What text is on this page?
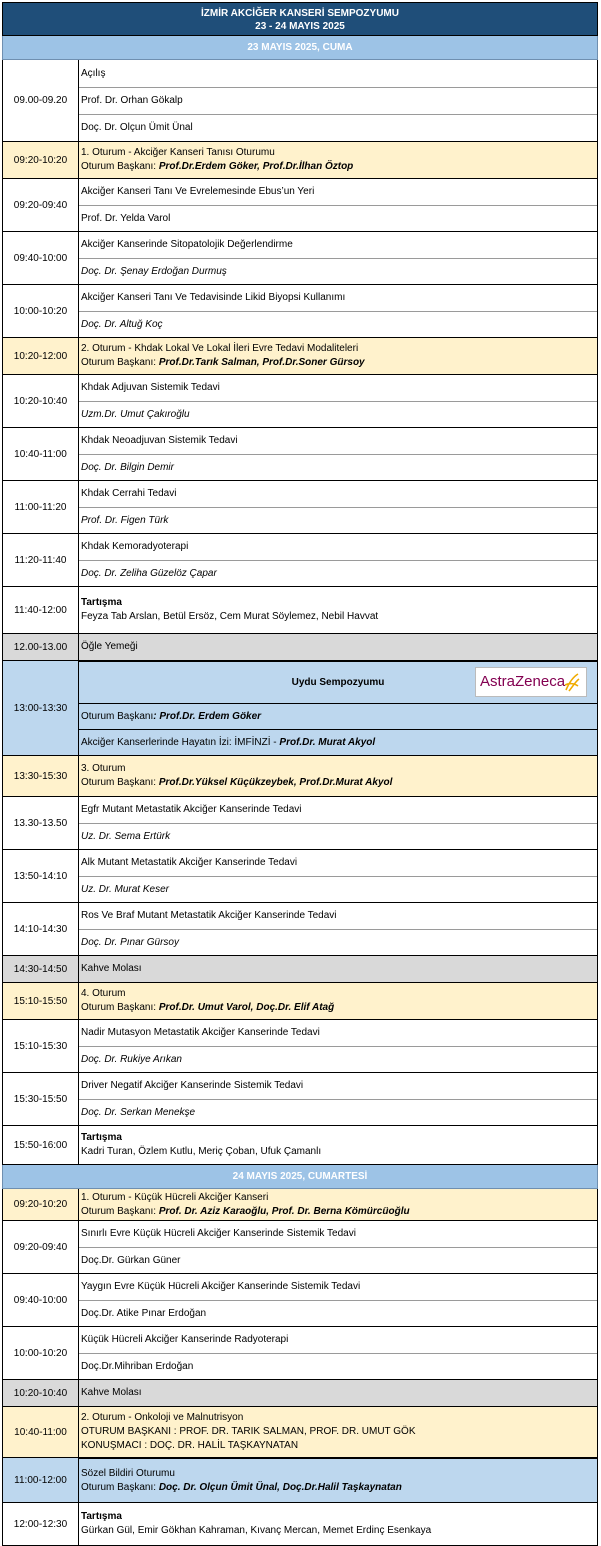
İZMİR AKCİĞER KANSERİ SEMPOZYUMU
23 - 24 MAYIS 2025
23 MAYIS 2025, CUMA
09.00-09.20
Açılış
Prof. Dr. Orhan Gökalp
Doç. Dr. Olçun Ümit Ünal
09:20-10:20
1. Oturum - Akciğer Kanseri Tanısı Oturumu
Oturum Başkanı: Prof.Dr.Erdem Göker, Prof.Dr.İlhan Öztop
09:20-09:40
Akciğer Kanseri Tanı Ve Evrelemesinde Ebus’un Yeri
Prof. Dr. Yelda Varol
09:40-10:00
Akciğer Kanserinde Sitopatolojik Değerlendirme
Doç. Dr. Şenay Erdoğan Durmuş
10:00-10:20
Akciğer Kanseri Tanı Ve Tedavisinde Likid Biyopsi Kullanımı
Doç. Dr. Altuğ Koç
10:20-12:00
2. Oturum - Khdak Lokal Ve Lokal İleri Evre Tedavi Modaliteleri
Oturum Başkanı: Prof.Dr.Tarık Salman, Prof.Dr.Soner Gürsoy
10:20-10:40
Khdak Adjuvan Sistemik Tedavi
Uzm.Dr. Umut Çakıroğlu
10:40-11:00
Khdak Neoadjuvan Sistemik Tedavi
Doç. Dr. Bilgin Demir
11:00-11:20
Khdak Cerrahi Tedavi
Prof. Dr. Figen Türk
11:20-11:40
Khdak Kemoradyoterapi
Doç. Dr. Zeliha Güzelöz Çapar
11:40-12:00
Tartışma
Feyza Tab Arslan, Betül Ersöz, Cem Murat Söylemez, Nebil Havvat
12.00-13.00	Öğle Yemeği
13:00-13:30
Uydu Sempozyumu	AstraZeneca
Oturum Başkanı: Prof.Dr. Erdem Göker
Akciğer Kanserlerinde Hayatın İzi: İMFİNZİ - Prof.Dr. Murat Akyol
13:30-15:30
3. Oturum
Oturum Başkanı: Prof.Dr.Yüksel Küçükzeybek, Prof.Dr.Murat Akyol
13.30-13.50
Egfr Mutant Metastatik Akciğer Kanserinde Tedavi
Uz. Dr. Sema Ertürk
13:50-14:10
Alk Mutant Metastatik Akciğer Kanserinde Tedavi
Uz. Dr. Murat Keser
14:10-14:30
Ros Ve Braf Mutant Metastatik Akciğer Kanserinde Tedavi
Doç. Dr. Pınar Gürsoy
14:30-14:50	Kahve Molası
15:10-15:50
4. Oturum
Oturum Başkanı: Prof.Dr. Umut Varol, Doç.Dr. Elif Atağ
15:10-15:30
Nadir Mutasyon Metastatik Akciğer Kanserinde Tedavi
Doç. Dr. Rukiye Arıkan
15:30-15:50
Driver Negatif Akciğer Kanserinde Sistemik Tedavi
Doç. Dr. Serkan Menekşe
15:50-16:00
Tartışma
Kadri Turan, Özlem Kutlu, Meriç Çoban, Ufuk Çamanlı
24 MAYIS 2025, CUMARTESİ
09:20-10:20
1. Oturum - Küçük Hücreli Akciğer Kanseri
Oturum Başkanı: Prof. Dr. Aziz Karaoğlu, Prof. Dr. Berna Kömürcüoğlu
09:20-09:40
Sınırlı Evre Küçük Hücreli Akciğer Kanserinde Sistemik Tedavi
Doç.Dr. Gürkan Güner
09:40-10:00
Yaygın Evre Küçük Hücreli Akciğer Kanserinde Sistemik Tedavi
Doç.Dr. Atike Pınar Erdoğan
10:00-10:20
Küçük Hücreli Akciğer Kanserinde Radyoterapi
Doç.Dr.Mihriban Erdoğan
10:20-10:40	Kahve Molası
10:40-11:00
2. Oturum - Onkoloji ve Malnutrisyon
OTURUM BAŞKANI : PROF. DR. TARIK SALMAN, PROF. DR. UMUT GÖK
KONUŞMACI : DOÇ. DR. HALİL TAŞKAYNATAN
11:00-12:00
Sözel Bildiri Oturumu
Oturum Başkanı: Doç. Dr. Olçun Ümit Ünal, Doç.Dr.Halil Taşkaynatan
12:00-12:30
Tartışma
Gürkan Gül, Emir Gökhan Kahraman, Kıvanç Mercan, Memet Erdinç Esenkaya
